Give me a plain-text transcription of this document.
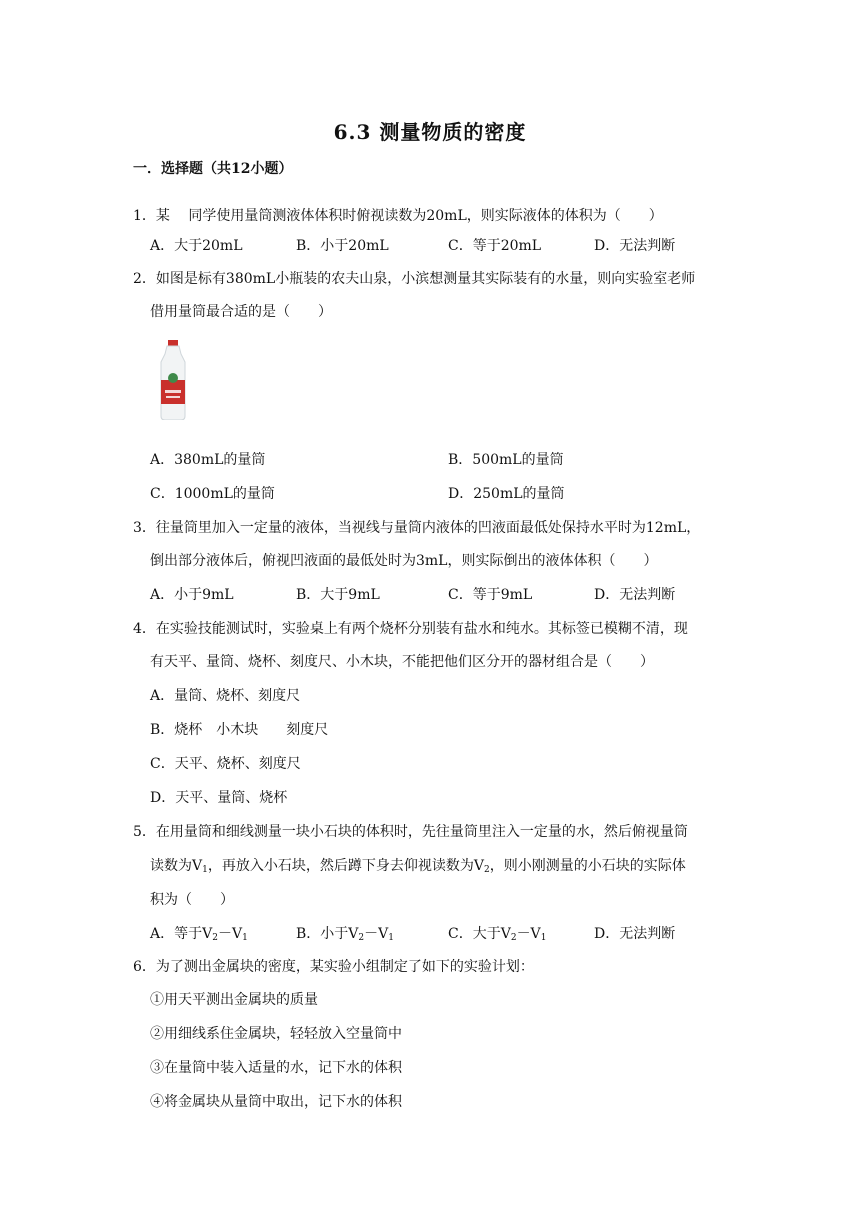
6.3 测量物质的密度
一．选择题（共12小题）
1．某　 同学使用量筒测液体体积时俯视读数为20mL，则实际液体的体积为（　　）
A．大于20mL	B．小于20mL	C．等于20mL	D．无法判断
2．如图是标有380mL小瓶装的农夫山泉，小滨想测量其实际装有的水量，则向实验室老师
借用量筒最合适的是（　　）
A．380mL的量筒	B．500mL的量筒
C．1000mL的量筒	D．250mL的量筒
3．往量筒里加入一定量的液体，当视线与量筒内液体的凹液面最低处保持水平时为12mL，
倒出部分液体后，俯视凹液面的最低处时为3mL，则实际倒出的液体体积（　　）
A．小于9mL	B．大于9mL	C．等于9mL	D．无法判断
4．在实验技能测试时，实验桌上有两个烧杯分别装有盐水和纯水。其标签已模糊不清，现
有天平、量筒、烧杯、刻度尺、小木块，不能把他们区分开的器材组合是（　　）
A．量筒、烧杯、刻度尺
B．烧杯　小木块　　刻度尺
C．天平、烧杯、刻度尺
D．天平、量筒、烧杯
5．在用量筒和细线测量一块小石块的体积时，先往量筒里注入一定量的水，然后俯视量筒
读数为$V_1$，再放入小石块，然后蹲下身去仰视读数为$V_2$，则小刚测量的小石块的实际体
积为（　　）
A．等于$V_2-V_1$	B．小于$V_2-V_1$	C．大于$V_2-V_1$	D．无法判断
6．为了测出金属块的密度，某实验小组制定了如下的实验计划：
①用天平测出金属块的质量
②用细线系住金属块，轻轻放入空量筒中
③在量筒中装入适量的水，记下水的体积
④将金属块从量筒中取出，记下水的体积
